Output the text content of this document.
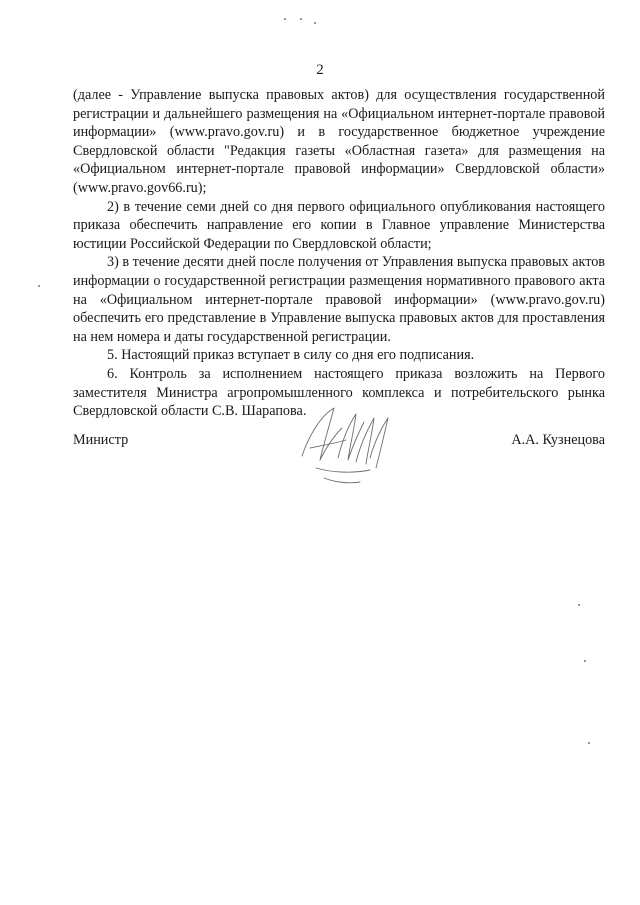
2

(далее - Управление выпуска правовых актов) для осуществления государственной регистрации и дальнейшего размещения на «Официальном интернет-портале правовой информации» (www.pravo.gov.ru) и в государственное бюджетное учреждение Свердловской области "Редакция газеты «Областная газета» для размещения на «Официальном интернет-портале правовой информации» Свердловской области» (www.pravo.gov66.ru);

2) в течение семи дней со дня первого официального опубликования настоящего приказа обеспечить направление его копии в Главное управление Министерства юстиции Российской Федерации по Свердловской области;

3) в течение десяти дней после получения от Управления выпуска правовых актов информации о государственной регистрации размещения нормативного правового акта на «Официальном интернет-портале правовой информации» (www.pravo.gov.ru) обеспечить его представление в Управление выпуска правовых актов для проставления на нем номера и даты государственной регистрации.

5. Настоящий приказ вступает в силу со дня его подписания.

6. Контроль за исполнением настоящего приказа возложить на Первого заместителя Министра агропромышленного комплекса и потребительского рынка Свердловской области С.В. Шарапова.

Министр	А.А. Кузнецова
